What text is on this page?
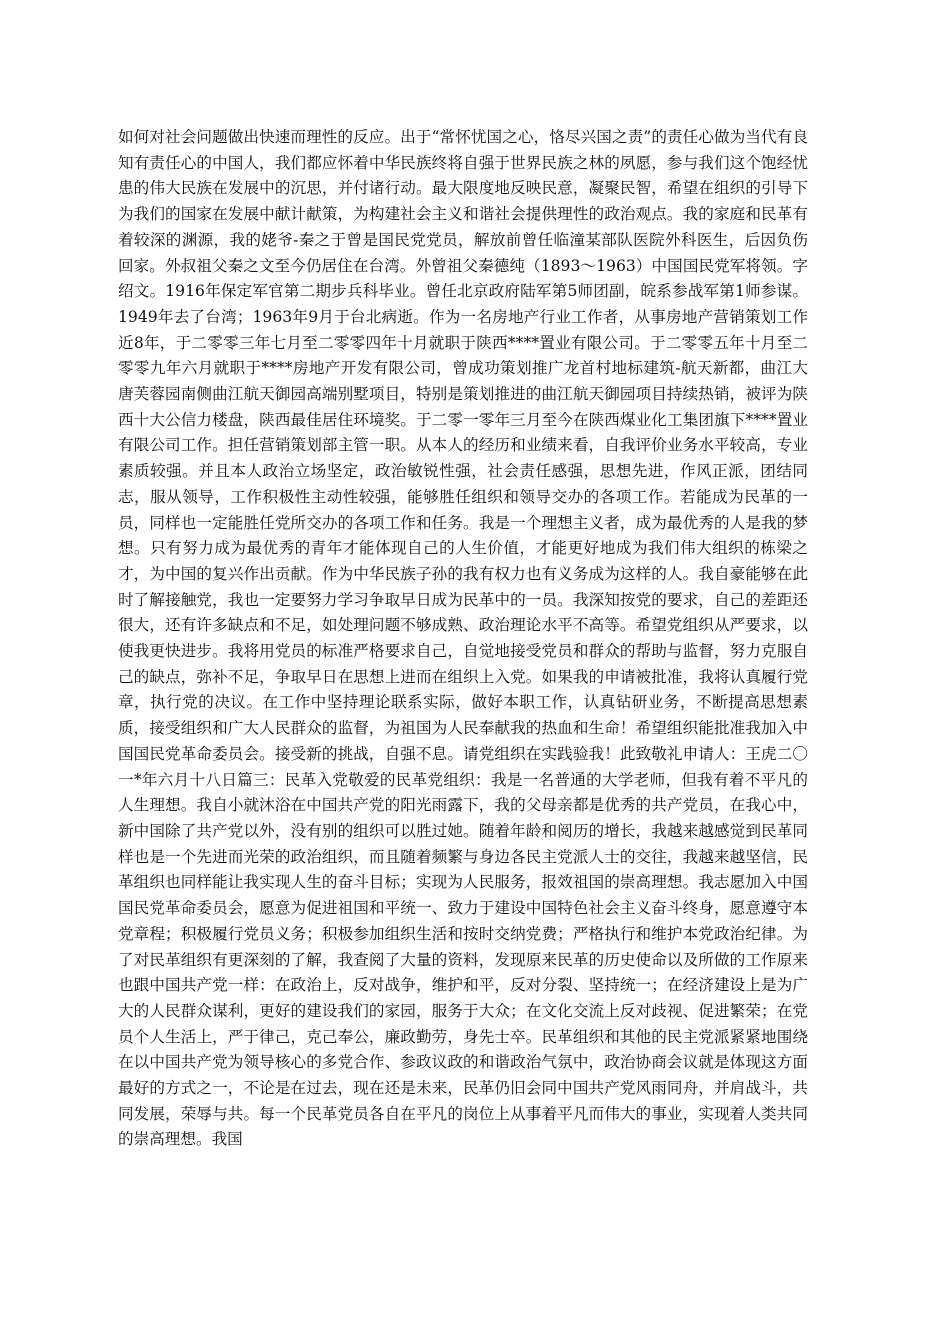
如何对社会问题做出快速而理性的反应。出于“常怀忧国之心，恪尽兴国之责”的责任心做为当代有良知有责任心的中国人，我们都应怀着中华民族终将自强于世界民族之林的夙愿，参与我们这个饱经忧患的伟大民族在发展中的沉思，并付诸行动。最大限度地反映民意，凝聚民智，希望在组织的引导下为我们的国家在发展中献计献策，为构建社会主义和谐社会提供理性的政治观点。我的家庭和民革有着较深的渊源，我的姥爷-秦之于曾是国民党党员，解放前曾任临潼某部队医院外科医生，后因负伤回家。外叔祖父秦之文至今仍居住在台湾。外曾祖父秦德纯（1893～1963）中国国民党军将领。字绍文。1916年保定军官第二期步兵科毕业。曾任北京政府陆军第5师团副，皖系参战军第1师参谋。1949年去了台湾；1963年9月于台北病逝。作为一名房地产行业工作者，从事房地产营销策划工作近8年，于二零零三年七月至二零零四年十月就职于陕西****置业有限公司。于二零零五年十月至二零零九年六月就职于****房地产开发有限公司，曾成功策划推广龙首村地标建筑-航天新都，曲江大唐芙蓉园南侧曲江航天御园高端别墅项目，特别是策划推进的曲江航天御园项目持续热销，被评为陕西十大公信力楼盘，陕西最佳居住环境奖。于二零一零年三月至今在陕西煤业化工集团旗下****置业有限公司工作。担任营销策划部主管一职。从本人的经历和业绩来看，自我评价业务水平较高，专业素质较强。并且本人政治立场坚定，政治敏锐性强，社会责任感强，思想先进，作风正派，团结同志，服从领导，工作积极性主动性较强，能够胜任组织和领导交办的各项工作。若能成为民革的一员，同样也一定能胜任党所交办的各项工作和任务。我是一个理想主义者，成为最优秀的人是我的梦想。只有努力成为最优秀的青年才能体现自己的人生价值，才能更好地成为我们伟大组织的栋梁之才，为中国的复兴作出贡献。作为中华民族子孙的我有权力也有义务成为这样的人。我自豪能够在此时了解接触党，我也一定要努力学习争取早日成为民革中的一员。我深知按党的要求，自己的差距还很大，还有许多缺点和不足，如处理问题不够成熟、政治理论水平不高等。希望党组织从严要求，以使我更快进步。我将用党员的标准严格要求自己，自觉地接受党员和群众的帮助与监督，努力克服自己的缺点，弥补不足，争取早日在思想上进而在组织上入党。如果我的申请被批准，我将认真履行党章，执行党的决议。在工作中坚持理论联系实际，做好本职工作，认真钻研业务，不断提高思想素质，接受组织和广大人民群众的监督，为祖国为人民奉献我的热血和生命！希望组织能批准我加入中国国民党革命委员会。接受新的挑战，自强不息。请党组织在实践验我！此致敬礼申请人：王虎二〇一*年六月十八日篇三：民革入党敬爱的民革党组织：我是一名普通的大学老师，但我有着不平凡的人生理想。我自小就沐浴在中国共产党的阳光雨露下，我的父母亲都是优秀的共产党员，在我心中，新中国除了共产党以外，没有别的组织可以胜过她。随着年龄和阅历的增长，我越来越感觉到民革同样也是一个先进而光荣的政治组织，而且随着频繁与身边各民主党派人士的交往，我越来越坚信，民革组织也同样能让我实现人生的奋斗目标；实现为人民服务，报效祖国的崇高理想。我志愿加入中国国民党革命委员会，愿意为促进祖国和平统一、致力于建设中国特色社会主义奋斗终身，愿意遵守本党章程；积极履行党员义务；积极参加组织生活和按时交纳党费；严格执行和维护本党政治纪律。为了对民革组织有更深刻的了解，我查阅了大量的资料，发现原来民革的历史使命以及所做的工作原来也跟中国共产党一样：在政治上，反对战争，维护和平，反对分裂、坚持统一；在经济建设上是为广大的人民群众谋利，更好的建设我们的家园，服务于大众；在文化交流上反对歧视、促进繁荣；在党员个人生活上，严于律己，克己奉公，廉政勤劳，身先士卒。民革组织和其他的民主党派紧紧地围绕在以中国共产党为领导核心的多党合作、参政议政的和谐政治气氛中，政治协商会议就是体现这方面最好的方式之一，不论是在过去，现在还是未来，民革仍旧会同中国共产党风雨同舟，并肩战斗，共同发展，荣辱与共。每一个民革党员各自在平凡的岗位上从事着平凡而伟大的事业，实现着人类共同的崇高理想。我国
